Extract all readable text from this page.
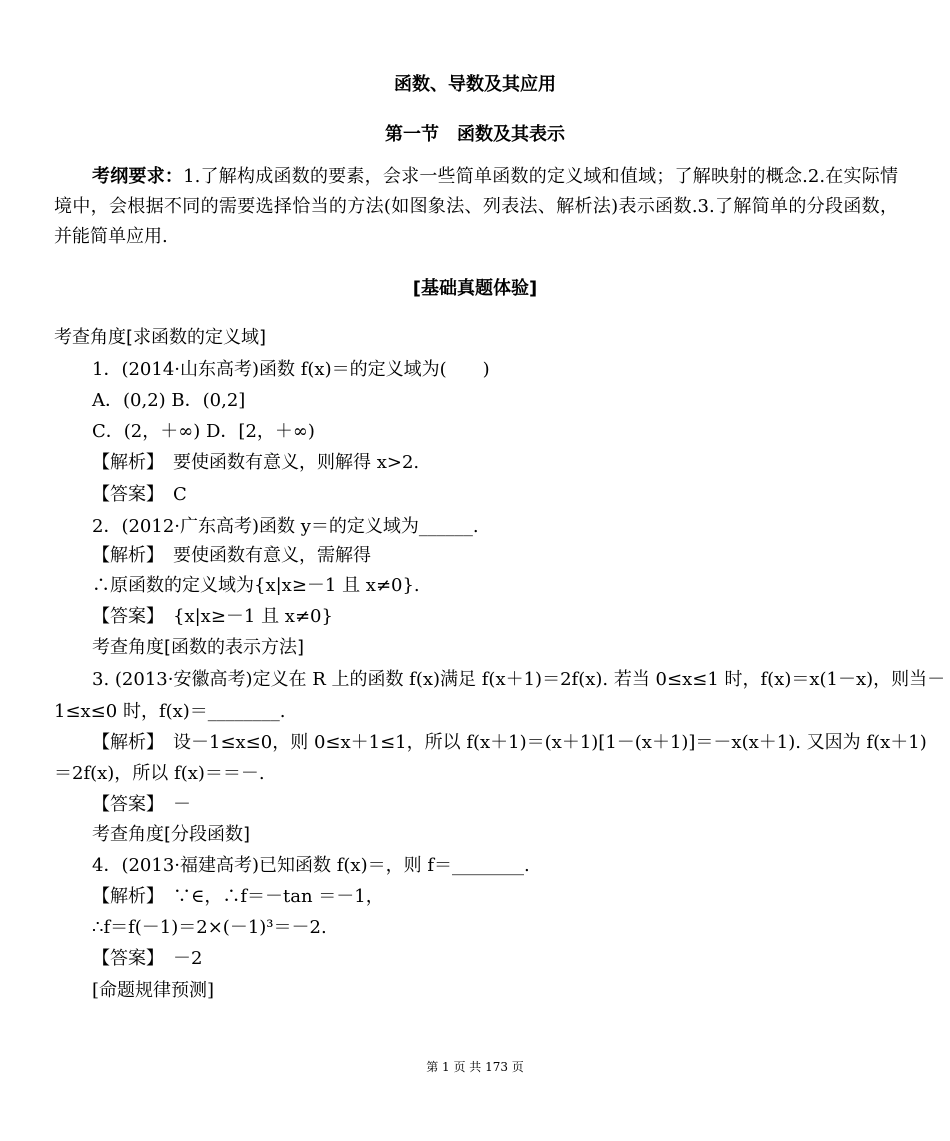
函数、导数及其应用
第一节　函数及其表示
考纲要求：1.了解构成函数的要素，会求一些简单函数的定义域和值域；了解映射的概念.2.在实际情境中，会根据不同的需要选择恰当的方法(如图象法、列表法、解析法)表示函数.3.了解简单的分段函数，并能简单应用.
[基础真题体验]
考查角度[求函数的定义域]
1．(2014·山东高考)函数 f(x)＝的定义域为(　　)
A．(0,2) B．(0,2]
C．(2，＋∞) D．[2，＋∞)
【解析】　要使函数有意义，则解得 x>2.
【答案】　C
2．(2012·广东高考)函数 y＝的定义域为______.
【解析】　要使函数有意义，需解得
∴原函数的定义域为{x|x≥－1 且 x≠0}.
【答案】　{x|x≥－1 且 x≠0}
考查角度[函数的表示方法]
3. (2013·安徽高考)定义在 R 上的函数 f(x)满足 f(x＋1)＝2f(x). 若当 0≤x≤1 时，f(x)＝x(1－x)，则当－
1≤x≤0 时，f(x)＝________.
【解析】　设－1≤x≤0，则 0≤x＋1≤1，所以 f(x＋1)＝(x＋1)[1－(x＋1)]＝－x(x＋1). 又因为 f(x＋1)
＝2f(x)，所以 f(x)＝＝－.
【答案】　－
考查角度[分段函数]
4．(2013·福建高考)已知函数 f(x)＝，则 f＝________.
【解析】　∵∈，∴f＝－tan ＝－1，
∴f＝f(－1)＝2×(－1)³＝－2.
【答案】　－2
[命题规律预测]
第 1 页 共 173 页
